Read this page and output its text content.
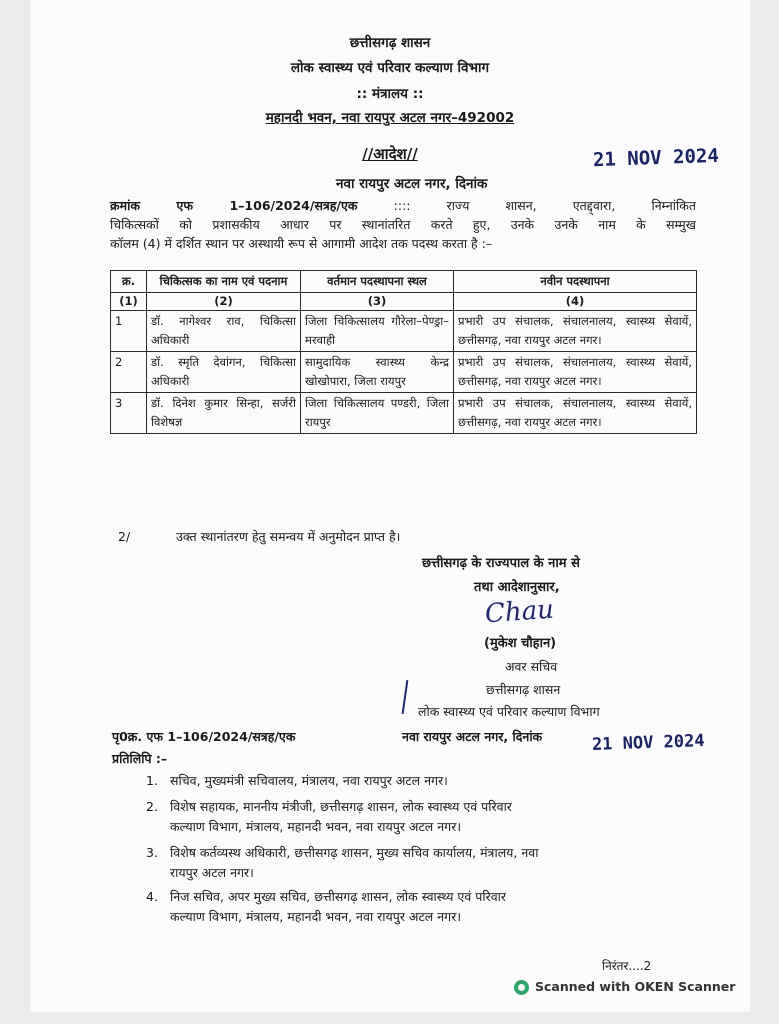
छत्तीसगढ़ शासन
लोक स्वास्थ्य एवं परिवार कल्याण विभाग
:: मंत्रालय ::
महानदी भवन, नवा रायपुर अटल नगर–492002
//आदेश//
नवा रायपुर अटल नगर, दिनांक
21 NOV 2024
क्रमांक एफ 1–106/2024/सत्रह/एक	:::: राज्य शासन, एतद्द्वारा, निम्नांकित
चिकित्सकों को प्रशासकीय आधार पर स्थानांतरित करते हुए, उनके उनके नाम के सम्मुख
कॉलम (4) में दर्शित स्थान पर अस्थायी रूप से आगामी आदेश तक पदस्थ करता है :–
क्र.	चिकित्सक का नाम एवं पदनाम	वर्तमान पदस्थापना स्थल	नवीन पदस्थापना
(1)	(2)	(3)	(4)
1	डॉ. नागेश्वर राव, चिकित्सा अधिकारी	जिला चिकित्सालय गौरेला–पेण्ड्रा–मरवाही	प्रभारी उप संचालक, संचालनालय, स्वास्थ्य सेवायें, छत्तीसगढ़, नवा रायपुर अटल नगर।
2	डॉ. स्मृति देवांगन, चिकित्सा अधिकारी	सामुदायिक स्वास्थ्य केन्द्र खोखोपारा, जिला रायपुर	प्रभारी उप संचालक, संचालनालय, स्वास्थ्य सेवायें, छत्तीसगढ़, नवा रायपुर अटल नगर।
3	डॉ. दिनेश कुमार सिन्हा, सर्जरी विशेषज्ञ	जिला चिकित्सालय पण्डरी, जिला रायपुर	प्रभारी उप संचालक, संचालनालय, स्वास्थ्य सेवायें, छत्तीसगढ़, नवा रायपुर अटल नगर।
2/	उक्त स्थानांतरण हेतु समन्वय में अनुमोदन प्राप्त है।
छत्तीसगढ़ के राज्यपाल के नाम से
तथा आदेशानुसार,
Chau
(मुकेश चौहान)
अवर सचिव
छत्तीसगढ़ शासन
लोक स्वास्थ्य एवं परिवार कल्याण विभाग
पृ0क्र. एफ 1–106/2024/सत्रह/एक	नवा रायपुर अटल नगर, दिनांक	21 NOV 2024
प्रतिलिपि :–
1. सचिव, मुख्यमंत्री सचिवालय, मंत्रालय, नवा रायपुर अटल नगर।
2. विशेष सहायक, माननीय मंत्रीजी, छत्तीसगढ़ शासन, लोक स्वास्थ्य एवं परिवार
कल्याण विभाग, मंत्रालय, महानदी भवन, नवा रायपुर अटल नगर।
3. विशेष कर्तव्यस्थ अधिकारी, छत्तीसगढ़ शासन, मुख्य सचिव कार्यालय, मंत्रालय, नवा
रायपुर अटल नगर।
4. निज सचिव, अपर मुख्य सचिव, छत्तीसगढ़ शासन, लोक स्वास्थ्य एवं परिवार
कल्याण विभाग, मंत्रालय, महानदी भवन, नवा रायपुर अटल नगर।
निरंतर....2
Scanned with OKEN Scanner
